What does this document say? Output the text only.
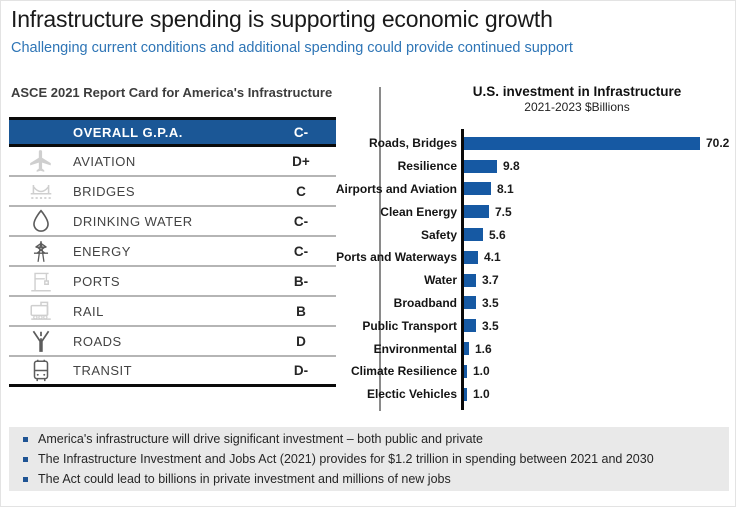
Infrastructure spending is supporting economic growth
Challenging current conditions and additional spending could provide continued support
ASCE 2021 Report Card for America's Infrastructure
OVERALL G.P.A.	C-
AVIATION	D+
BRIDGES	C
DRINKING WATER	C-
ENERGY	C-
PORTS	B-
RAIL	B
ROADS	D
TRANSIT	D-
U.S. investment in Infrastructure
2021-2023 $Billions
Roads, Bridges	70.2
Resilience	9.8
Airports and Aviation	8.1
Clean Energy	7.5
Safety	5.6
Ports and Waterways 4.1
Water 3.7
Broadband 3.5
Public Transport 3.5
Environmental 1.6
Climate Resilience 1.0
Electic Vehicles 1.0
America's infrastructure will drive significant investment – both public and private
The Infrastructure Investment and Jobs Act (2021) provides for $1.2 trillion in spending between 2021 and 2030
The Act could lead to billions in private investment and millions of new jobs
